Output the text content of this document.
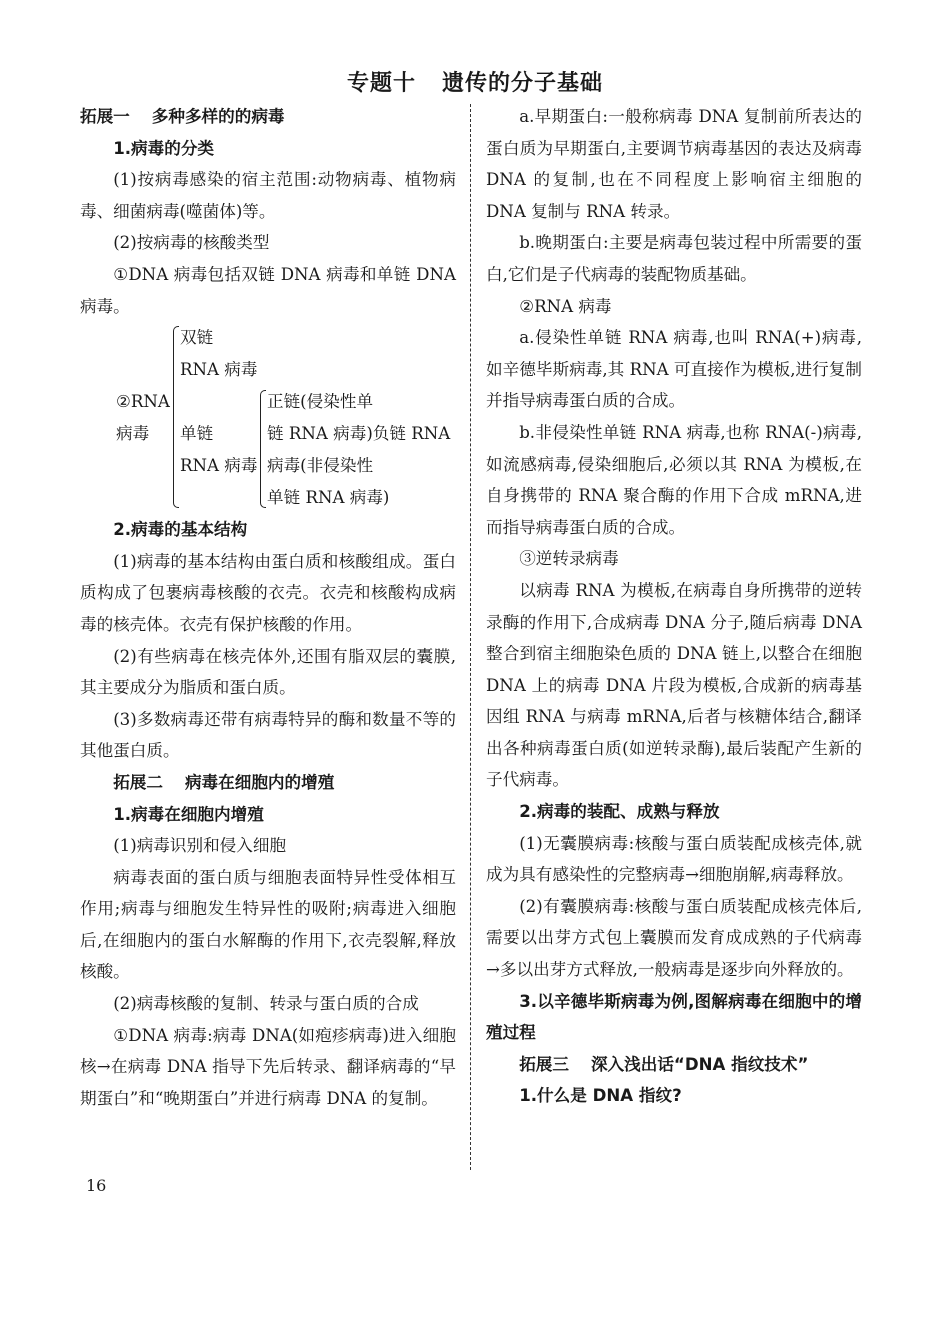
专题十 遗传的分子基础

拓展一 多种多样的的病毒

1.病毒的分类

(1)按病毒感染的宿主范围:动物病毒、植物病毒、细菌病毒(噬菌体)等。

(2)按病毒的核酸类型

①DNA 病毒包括双链 DNA 病毒和单链 DNA 病毒。

②RNA
病毒
双链
RNA 病毒
单链
RNA 病毒
正链(侵染性单
链 RNA 病毒)负链 RNA
病毒(非侵染性
单链 RNA 病毒)

2.病毒的基本结构

(1)病毒的基本结构由蛋白质和核酸组成。蛋白质构成了包裹病毒核酸的衣壳。衣壳和核酸构成病毒的核壳体。衣壳有保护核酸的作用。

(2)有些病毒在核壳体外,还围有脂双层的囊膜,其主要成分为脂质和蛋白质。

(3)多数病毒还带有病毒特异的酶和数量不等的其他蛋白质。

拓展二 病毒在细胞内的增殖

1.病毒在细胞内增殖

(1)病毒识别和侵入细胞

病毒表面的蛋白质与细胞表面特异性受体相互作用;病毒与细胞发生特异性的吸附;病毒进入细胞后,在细胞内的蛋白水解酶的作用下,衣壳裂解,释放核酸。

(2)病毒核酸的复制、转录与蛋白质的合成

①DNA 病毒:病毒 DNA(如疱疹病毒)进入细胞核→在病毒 DNA 指导下先后转录、翻译病毒的“早期蛋白”和“晚期蛋白”并进行病毒 DNA 的复制。

a.早期蛋白:一般称病毒 DNA 复制前所表达的蛋白质为早期蛋白,主要调节病毒基因的表达及病毒 DNA 的复制,也在不同程度上影响宿主细胞的 DNA 复制与 RNA 转录。

b.晚期蛋白:主要是病毒包装过程中所需要的蛋白,它们是子代病毒的装配物质基础。

②RNA 病毒

a.侵染性单链 RNA 病毒,也叫 RNA(+)病毒,如辛德毕斯病毒,其 RNA 可直接作为模板,进行复制并指导病毒蛋白质的合成。

b.非侵染性单链 RNA 病毒,也称 RNA(-)病毒,如流感病毒,侵染细胞后,必须以其 RNA 为模板,在自身携带的 RNA 聚合酶的作用下合成 mRNA,进而指导病毒蛋白质的合成。

③逆转录病毒

以病毒 RNA 为模板,在病毒自身所携带的逆转录酶的作用下,合成病毒 DNA 分子,随后病毒 DNA 整合到宿主细胞染色质的 DNA 链上,以整合在细胞 DNA 上的病毒 DNA 片段为模板,合成新的病毒基因组 RNA 与病毒 mRNA,后者与核糖体结合,翻译出各种病毒蛋白质(如逆转录酶),最后装配产生新的子代病毒。

2.病毒的装配、成熟与释放

(1)无囊膜病毒:核酸与蛋白质装配成核壳体,就成为具有感染性的完整病毒→细胞崩解,病毒释放。

(2)有囊膜病毒:核酸与蛋白质装配成核壳体后,需要以出芽方式包上囊膜而发育成成熟的子代病毒→多以出芽方式释放,一般病毒是逐步向外释放的。

3.以辛德毕斯病毒为例,图解病毒在细胞中的增殖过程

拓展三 深入浅出话“DNA 指纹技术”

1.什么是 DNA 指纹?

16
